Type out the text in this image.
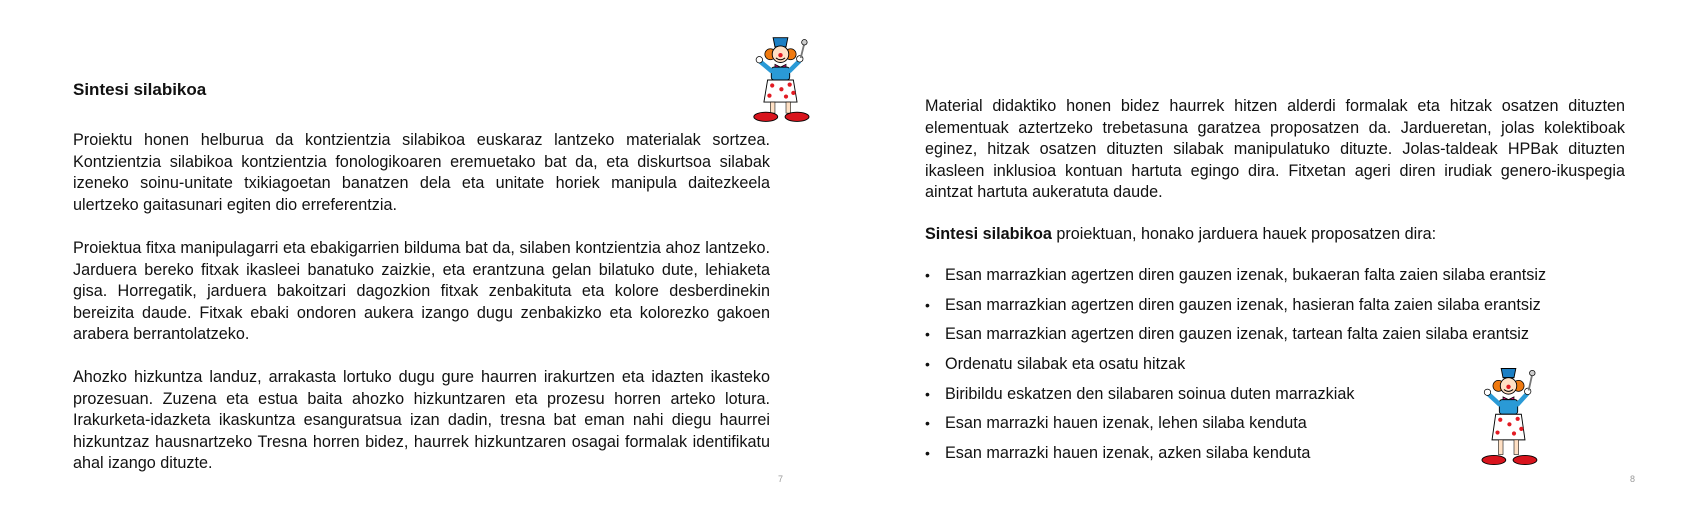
Sintesi silabikoa

Proiektu honen helburua da kontzientzia silabikoa euskaraz lantzeko materialak sortzea. Kontzientzia silabikoa kontzientzia fonologikoaren eremuetako bat da, eta diskurtsoa silabak izeneko soinu-unitate txikiagoetan banatzen dela eta unitate horiek manipula daitezkeela ulertzeko gaitasunari egiten dio erreferentzia.

Proiektua fitxa manipulagarri eta ebakigarrien bilduma bat da, silaben kontzientzia ahoz lantzeko. Jarduera bereko fitxak ikasleei banatuko zaizkie, eta erantzuna gelan bilatuko dute, lehiaketa gisa. Horregatik, jarduera bakoitzari dagozkion fitxak zenbakituta eta kolore desberdinekin bereizita daude. Fitxak ebaki ondoren aukera izango dugu zenbakizko eta kolorezko gakoen arabera berrantolatzeko.

Ahozko hizkuntza landuz, arrakasta lortuko dugu gure haurren irakurtzen eta idazten ikasteko prozesuan. Zuzena eta estua baita ahozko hizkuntzaren eta prozesu horren arteko lotura. Irakurketa-idazketa ikaskuntza esanguratsua izan dadin, tresna bat eman nahi diegu haurrei hizkuntzaz hausnartzeko Tresna horren bidez, haurrek hizkuntzaren osagai formalak identifikatu ahal izango dituzte.

7

Material didaktiko honen bidez haurrek hitzen alderdi formalak eta hitzak osatzen dituzten elementuak aztertzeko trebetasuna garatzea proposatzen da. Jardueretan, jolas kolektiboak eginez, hitzak osatzen dituzten silabak manipulatuko dituzte. Jolas-taldeak HPBak dituzten ikasleen inklusioa kontuan hartuta egingo dira. Fitxetan ageri diren irudiak genero-ikuspegia aintzat hartuta aukeratuta daude.

Sintesi silabikoa proiektuan, honako jarduera hauek proposatzen dira:

• Esan marrazkian agertzen diren gauzen izenak, bukaeran falta zaien silaba erantsiz
• Esan marrazkian agertzen diren gauzen izenak, hasieran falta zaien silaba erantsiz
• Esan marrazkian agertzen diren gauzen izenak, tartean falta zaien silaba erantsiz
• Ordenatu silabak eta osatu hitzak
• Biribildu eskatzen den silabaren soinua duten marrazkiak
• Esan marrazki hauen izenak, lehen silaba kenduta
• Esan marrazki hauen izenak, azken silaba kenduta
8
